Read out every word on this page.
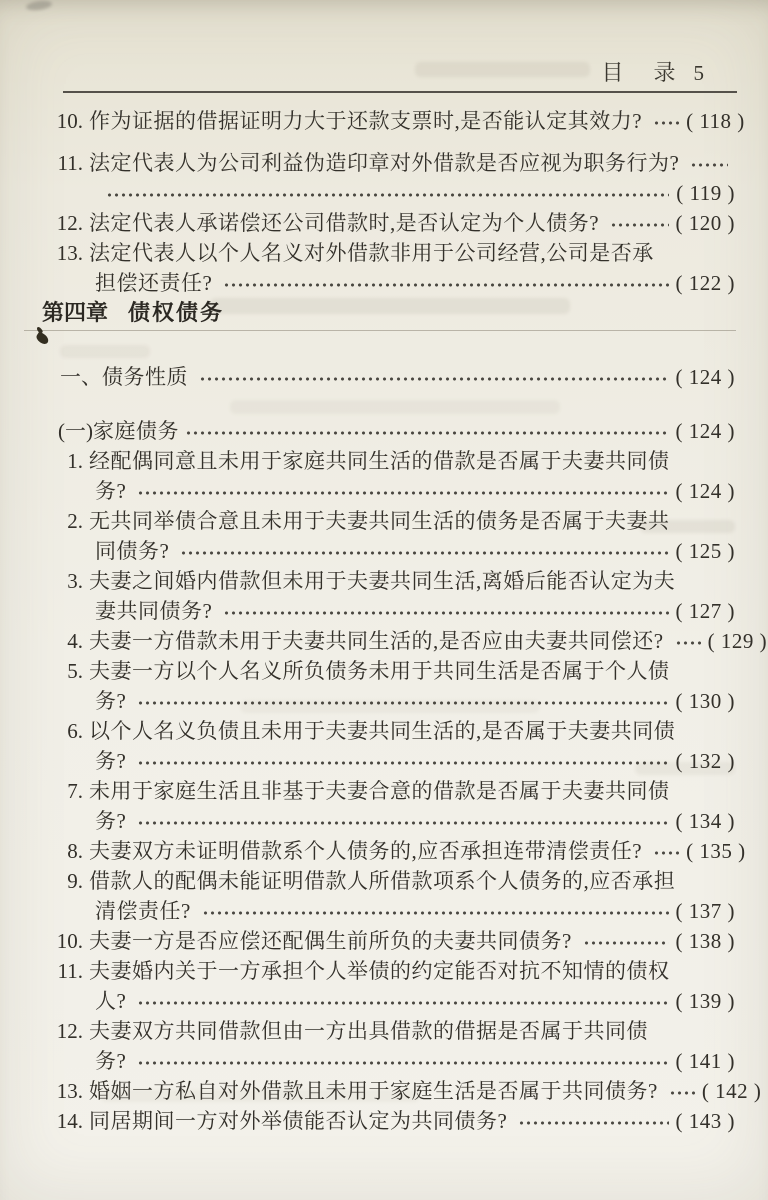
目 录 5
10. 作为证据的借据证明力大于还款支票时,是否能认定其效力? ( 118 )
11. 法定代表人为公司利益伪造印章对外借款是否应视为职务行为?
( 119 )
12. 法定代表人承诺偿还公司借款时,是否认定为个人债务?	( 120 )
13. 法定代表人以个人名义对外借款非用于公司经营,公司是否承
担偿还责任?	( 122 )
第四章 债权债务
一、 债务性质	( 124 )
(一) 家庭债务	( 124 )
1. 经配偶同意且未用于家庭共同生活的借款是否属于夫妻共同债
务?	( 124 )
2. 无共同举债合意且未用于夫妻共同生活的债务是否属于夫妻共
同债务?	( 125 )
3. 夫妻之间婚内借款但未用于夫妻共同生活,离婚后能否认定为夫
妻共同债务?	( 127 )
4. 夫妻一方借款未用于夫妻共同生活的,是否应由夫妻共同偿还? ( 129 )
5. 夫妻一方以个人名义所负债务未用于共同生活是否属于个人债
务?	( 130 )
6. 以个人名义负债且未用于夫妻共同生活的,是否属于夫妻共同债
务?	( 132 )
7. 未用于家庭生活且非基于夫妻合意的借款是否属于夫妻共同债
务?	( 134 )
8. 夫妻双方未证明借款系个人债务的,应否承担连带清偿责任? ( 135 )
9. 借款人的配偶未能证明借款人所借款项系个人债务的,应否承担
清偿责任?	( 137 )
10. 夫妻一方是否应偿还配偶生前所负的夫妻共同债务?	( 138 )
11. 夫妻婚内关于一方承担个人举债的约定能否对抗不知情的债权
人?	( 139 )
12. 夫妻双方共同借款但由一方出具借款的借据是否属于共同债
务?	( 141 )
13. 婚姻一方私自对外借款且未用于家庭生活是否属于共同债务? ( 142 )
14. 同居期间一方对外举债能否认定为共同债务?	( 143 )
